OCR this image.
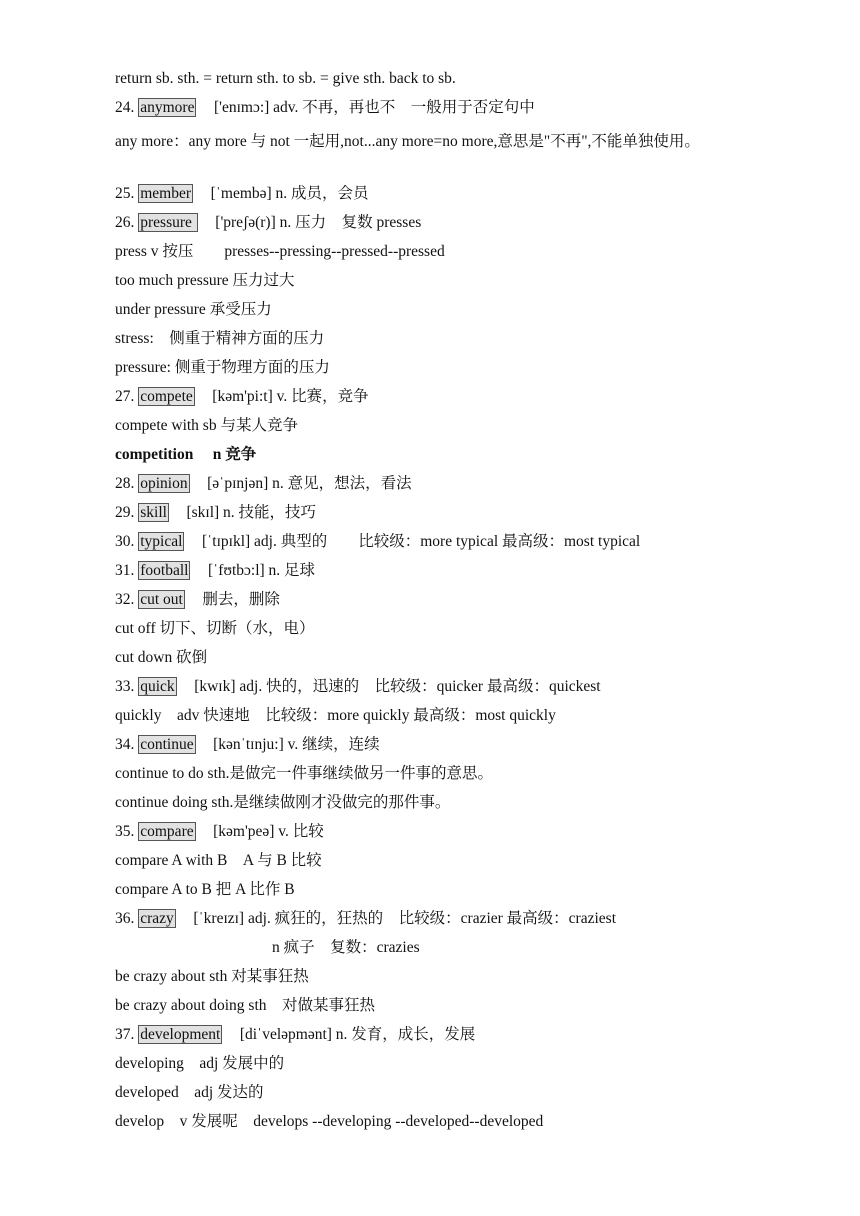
return sb. sth. = return sth. to sb. = give sth. back to sb.
24. anymore　 ['enɪmɔ:] adv. 不再，再也不　一般用于否定句中
any more：any more 与 not 一起用,not...any more=no more,意思是"不再",不能单独使用。
25. member　 [ˈmembə] n. 成员，会员
26. pressure 　['preʃə(r)] n. 压力　复数 presses
press v 按压　　presses--pressing--pressed--pressed
too much pressure 压力过大
under pressure 承受压力
stress:　侧重于精神方面的压力
pressure: 侧重于物理方面的压力
27. compete　 [kəm'pi:t] v. 比赛，竞争
compete with sb 与某人竞争
competition　 n 竞争
28. opinion　 [əˈpɪnjən] n. 意见，想法，看法
29. skill　 [skɪl] n. 技能，技巧
30. typical　 [ˈtɪpɪkl] adj. 典型的　　比较级：more typical 最高级：most typical
31. football　 [ˈfʊtbɔ:l] n. 足球
32. cut out　 删去，删除
cut off 切下、切断（水，电）
cut down 砍倒
33. quick　 [kwɪk] adj. 快的，迅速的　比较级：quicker 最高级：quickest
quickly　adv 快速地　比较级：more quickly 最高级：most quickly
34. continue　 [kənˈtɪnju:] v. 继续，连续
continue to do sth.是做完一件事继续做另一件事的意思。
continue doing sth.是继续做刚才没做完的那件事。
35. compare　 [kəm'peə] v. 比较
compare A with B　A 与 B 比较
compare A to B 把 A 比作 B
36. crazy　 [ˈkreɪzɪ] adj. 疯狂的，狂热的　比较级：crazier 最高级：craziest
n 疯子　复数：crazies
be crazy about sth 对某事狂热
be crazy about doing sth　对做某事狂热
37. development　 [diˈveləpmənt] n. 发育，成长，发展
developing　adj 发展中的
developed　adj 发达的
develop　v 发展呢　develops --developing --developed--developed
